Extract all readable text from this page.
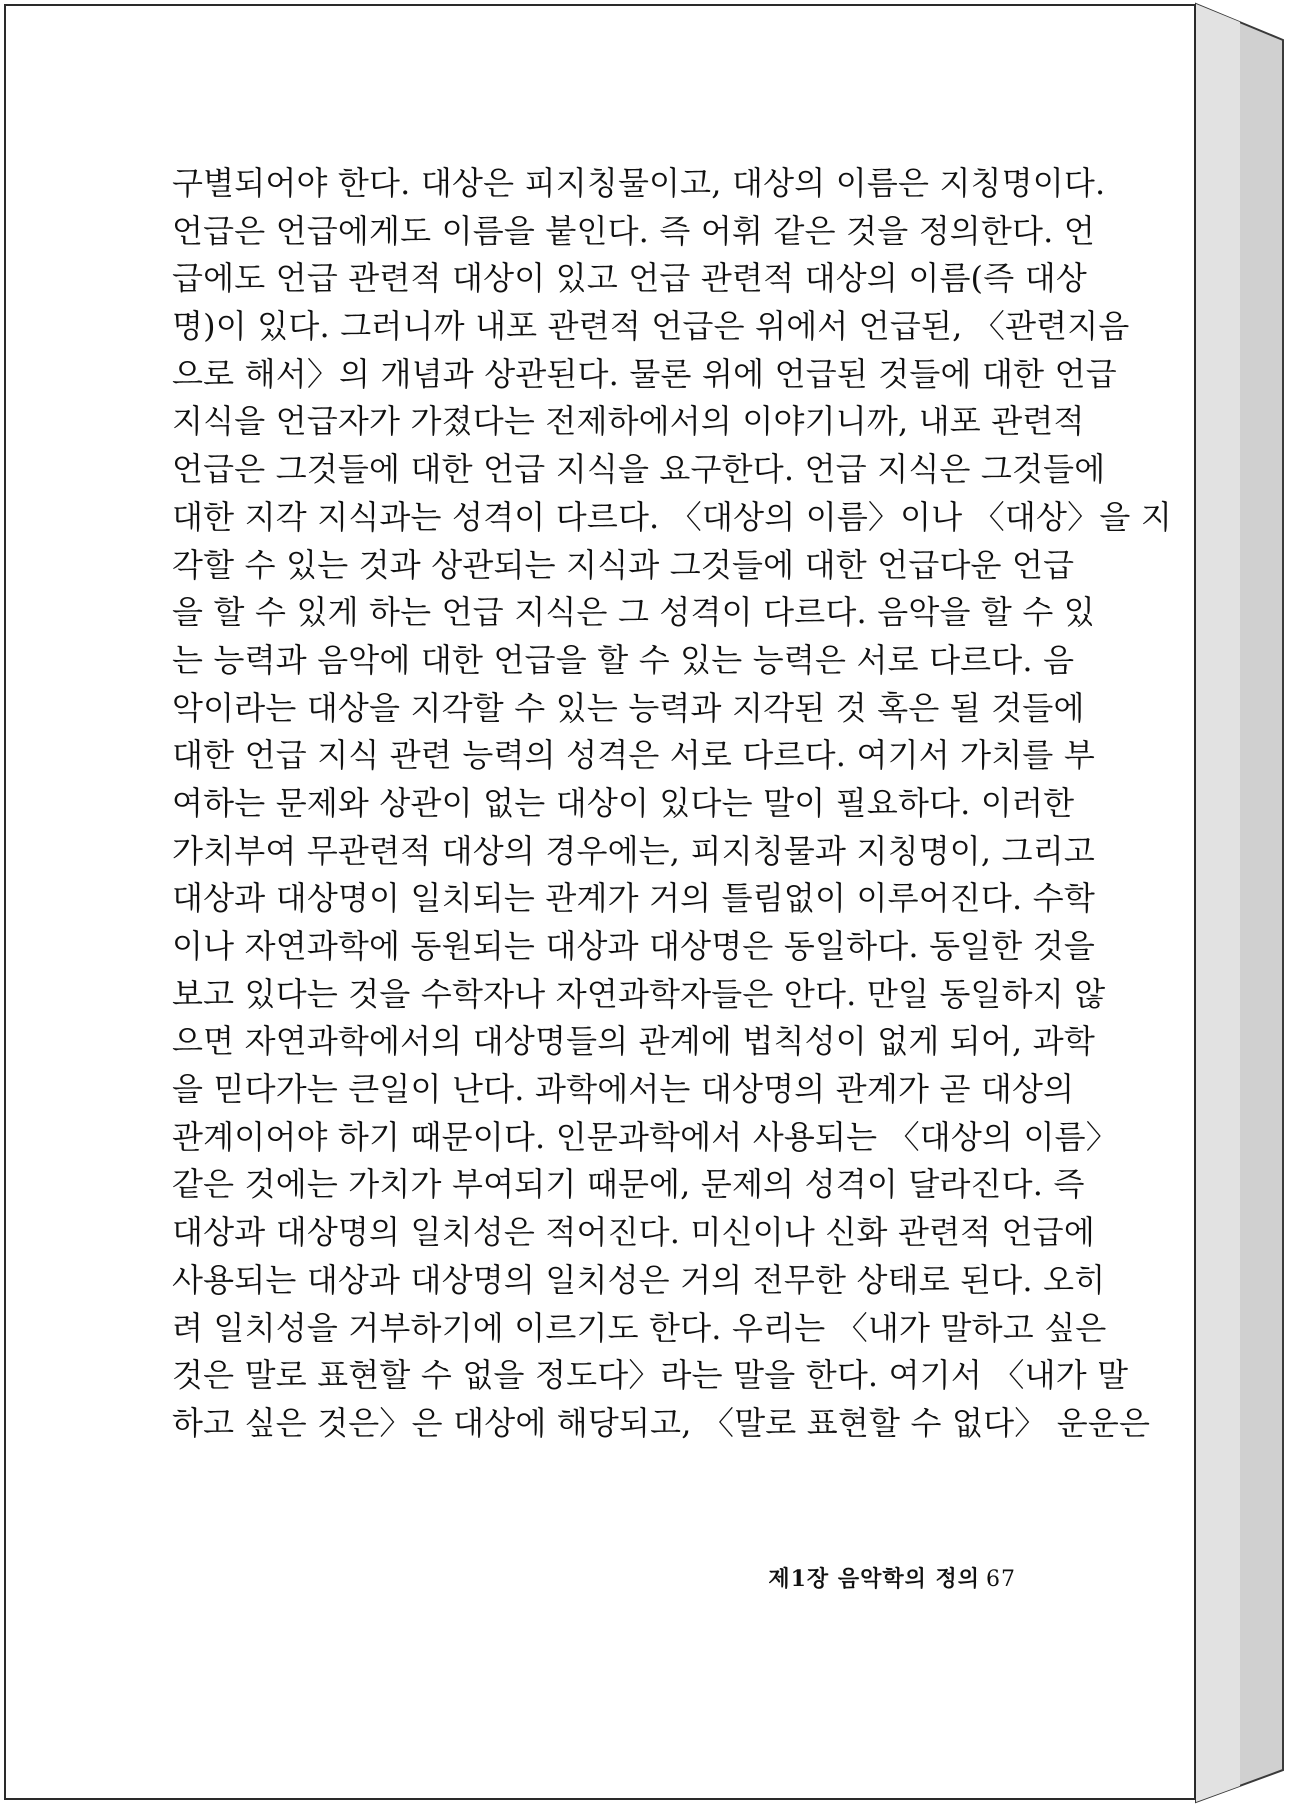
구별되어야 한다. 대상은 피지칭물이고, 대상의 이름은 지칭명이다.
언급은 언급에게도 이름을 붙인다. 즉 어휘 같은 것을 정의한다. 언
급에도 언급 관련적 대상이 있고 언급 관련적 대상의 이름(즉 대상
명)이 있다. 그러니까 내포 관련적 언급은 위에서 언급된, 〈관련지음
으로 해서〉의 개념과 상관된다. 물론 위에 언급된 것들에 대한 언급
지식을 언급자가 가졌다는 전제하에서의 이야기니까, 내포 관련적
언급은 그것들에 대한 언급 지식을 요구한다. 언급 지식은 그것들에
대한 지각 지식과는 성격이 다르다. 〈대상의 이름〉이나 〈대상〉을 지
각할 수 있는 것과 상관되는 지식과 그것들에 대한 언급다운 언급
을 할 수 있게 하는 언급 지식은 그 성격이 다르다. 음악을 할 수 있
는 능력과 음악에 대한 언급을 할 수 있는 능력은 서로 다르다. 음
악이라는 대상을 지각할 수 있는 능력과 지각된 것 혹은 될 것들에
대한 언급 지식 관련 능력의 성격은 서로 다르다. 여기서 가치를 부
여하는 문제와 상관이 없는 대상이 있다는 말이 필요하다. 이러한
가치부여 무관련적 대상의 경우에는, 피지칭물과 지칭명이, 그리고
대상과 대상명이 일치되는 관계가 거의 틀림없이 이루어진다. 수학
이나 자연과학에 동원되는 대상과 대상명은 동일하다. 동일한 것을
보고 있다는 것을 수학자나 자연과학자들은 안다. 만일 동일하지 않
으면 자연과학에서의 대상명들의 관계에 법칙성이 없게 되어, 과학
을 믿다가는 큰일이 난다. 과학에서는 대상명의 관계가 곧 대상의
관계이어야 하기 때문이다. 인문과학에서 사용되는 〈대상의 이름〉
같은 것에는 가치가 부여되기 때문에, 문제의 성격이 달라진다. 즉
대상과 대상명의 일치성은 적어진다. 미신이나 신화 관련적 언급에
사용되는 대상과 대상명의 일치성은 거의 전무한 상태로 된다. 오히
려 일치성을 거부하기에 이르기도 한다. 우리는 〈내가 말하고 싶은
것은 말로 표현할 수 없을 정도다〉라는 말을 한다. 여기서 〈내가 말
하고 싶은 것은〉은 대상에 해당되고, 〈말로 표현할 수 없다〉 운운은
제1장 음악학의 정의 67
